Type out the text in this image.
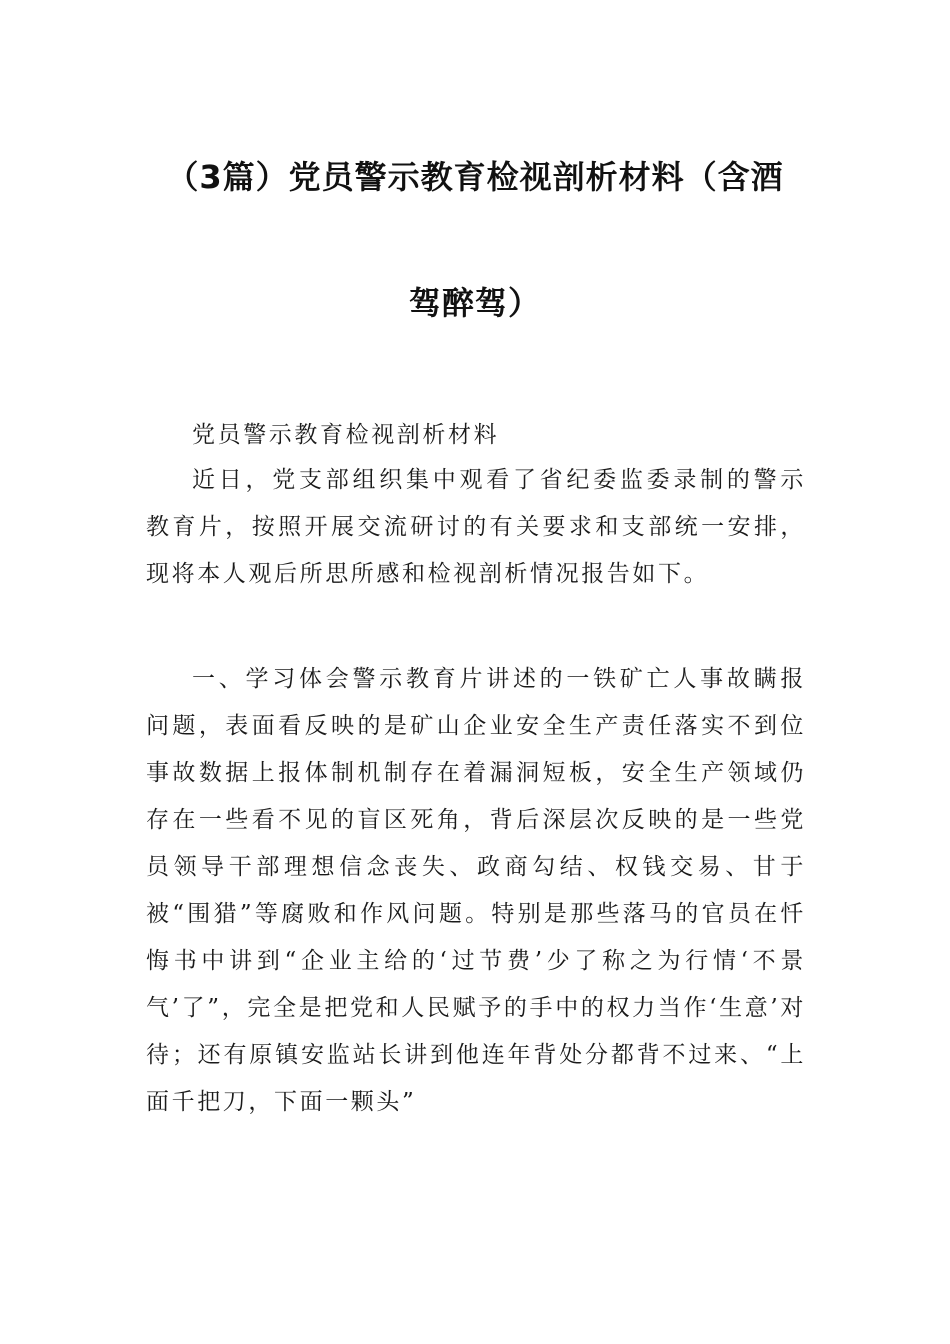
（3篇）党员警示教育检视剖析材料（含酒
驾醉驾）

党员警示教育检视剖析材料

近日，党支部组织集中观看了省纪委监委录制的警示教育片，按照开展交流研讨的有关要求和支部统一安排，现将本人观后所思所感和检视剖析情况报告如下。

一、学习体会警示教育片讲述的一铁矿亡人事故瞒报问题，表面看反映的是矿山企业安全生产责任落实不到位事故数据上报体制机制存在着漏洞短板，安全生产领域仍存在一些看不见的盲区死角，背后深层次反映的是一些党员领导干部理想信念丧失、政商勾结、权钱交易、甘于被“围猎”等腐败和作风问题。特别是那些落马的官员在忏悔书中讲到“企业主给的‘过节费’少了称之为行情‘不景气’了”，完全是把党和人民赋予的手中的权力当作‘生意’对待；还有原镇安监站长讲到他连年背处分都背不过来、“上面千把刀，下面一颗头”
